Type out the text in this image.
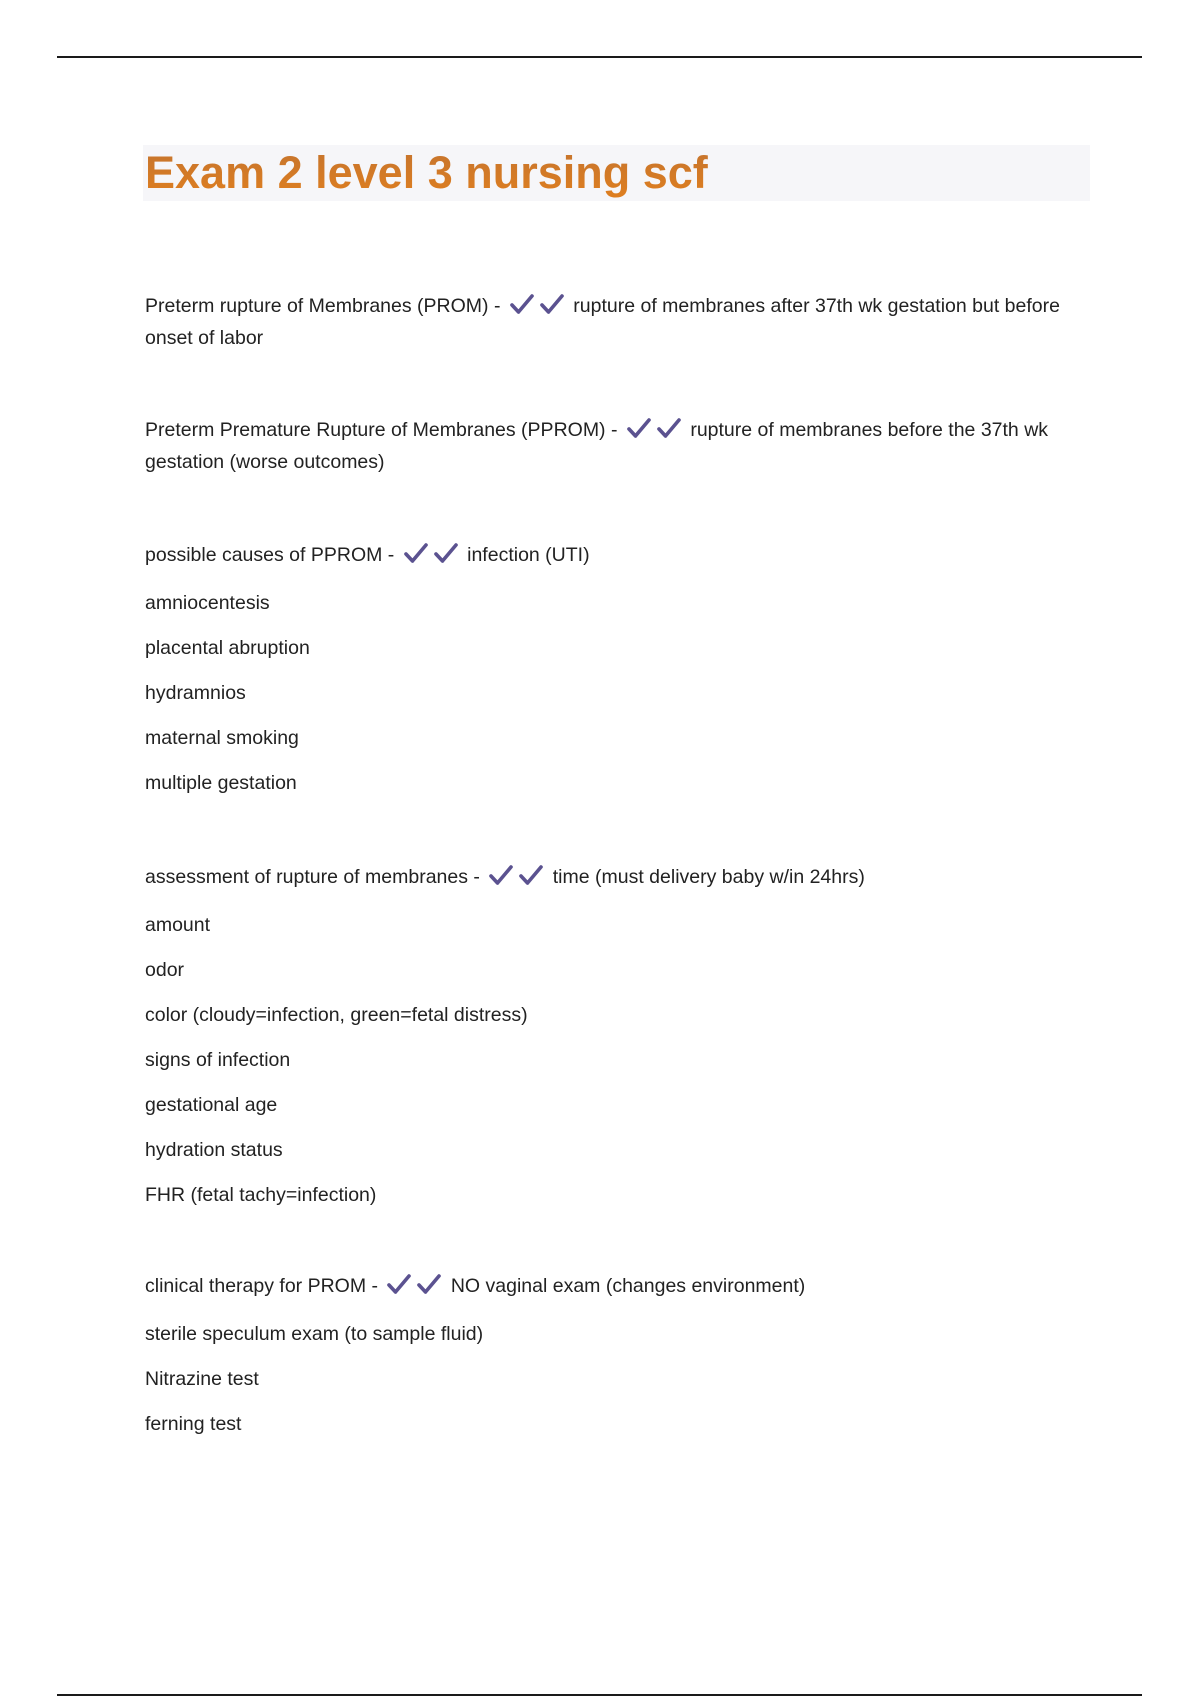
Exam 2 level 3 nursing scf

Preterm rupture of Membranes (PROM) -	rupture of membranes after 37th wk gestation but before onset of labor

Preterm Premature Rupture of Membranes (PPROM) -	rupture of membranes before the 37th wk gestation (worse outcomes)

possible causes of PPROM -	infection (UTI)

amniocentesis

placental abruption

hydramnios

maternal smoking

multiple gestation

assessment of rupture of membranes -	time (must delivery baby w/in 24hrs)

amount

odor

color (cloudy=infection, green=fetal distress)

signs of infection

gestational age

hydration status

FHR (fetal tachy=infection)

clinical therapy for PROM -	NO vaginal exam (changes environment)

sterile speculum exam (to sample fluid)

Nitrazine test

ferning test
